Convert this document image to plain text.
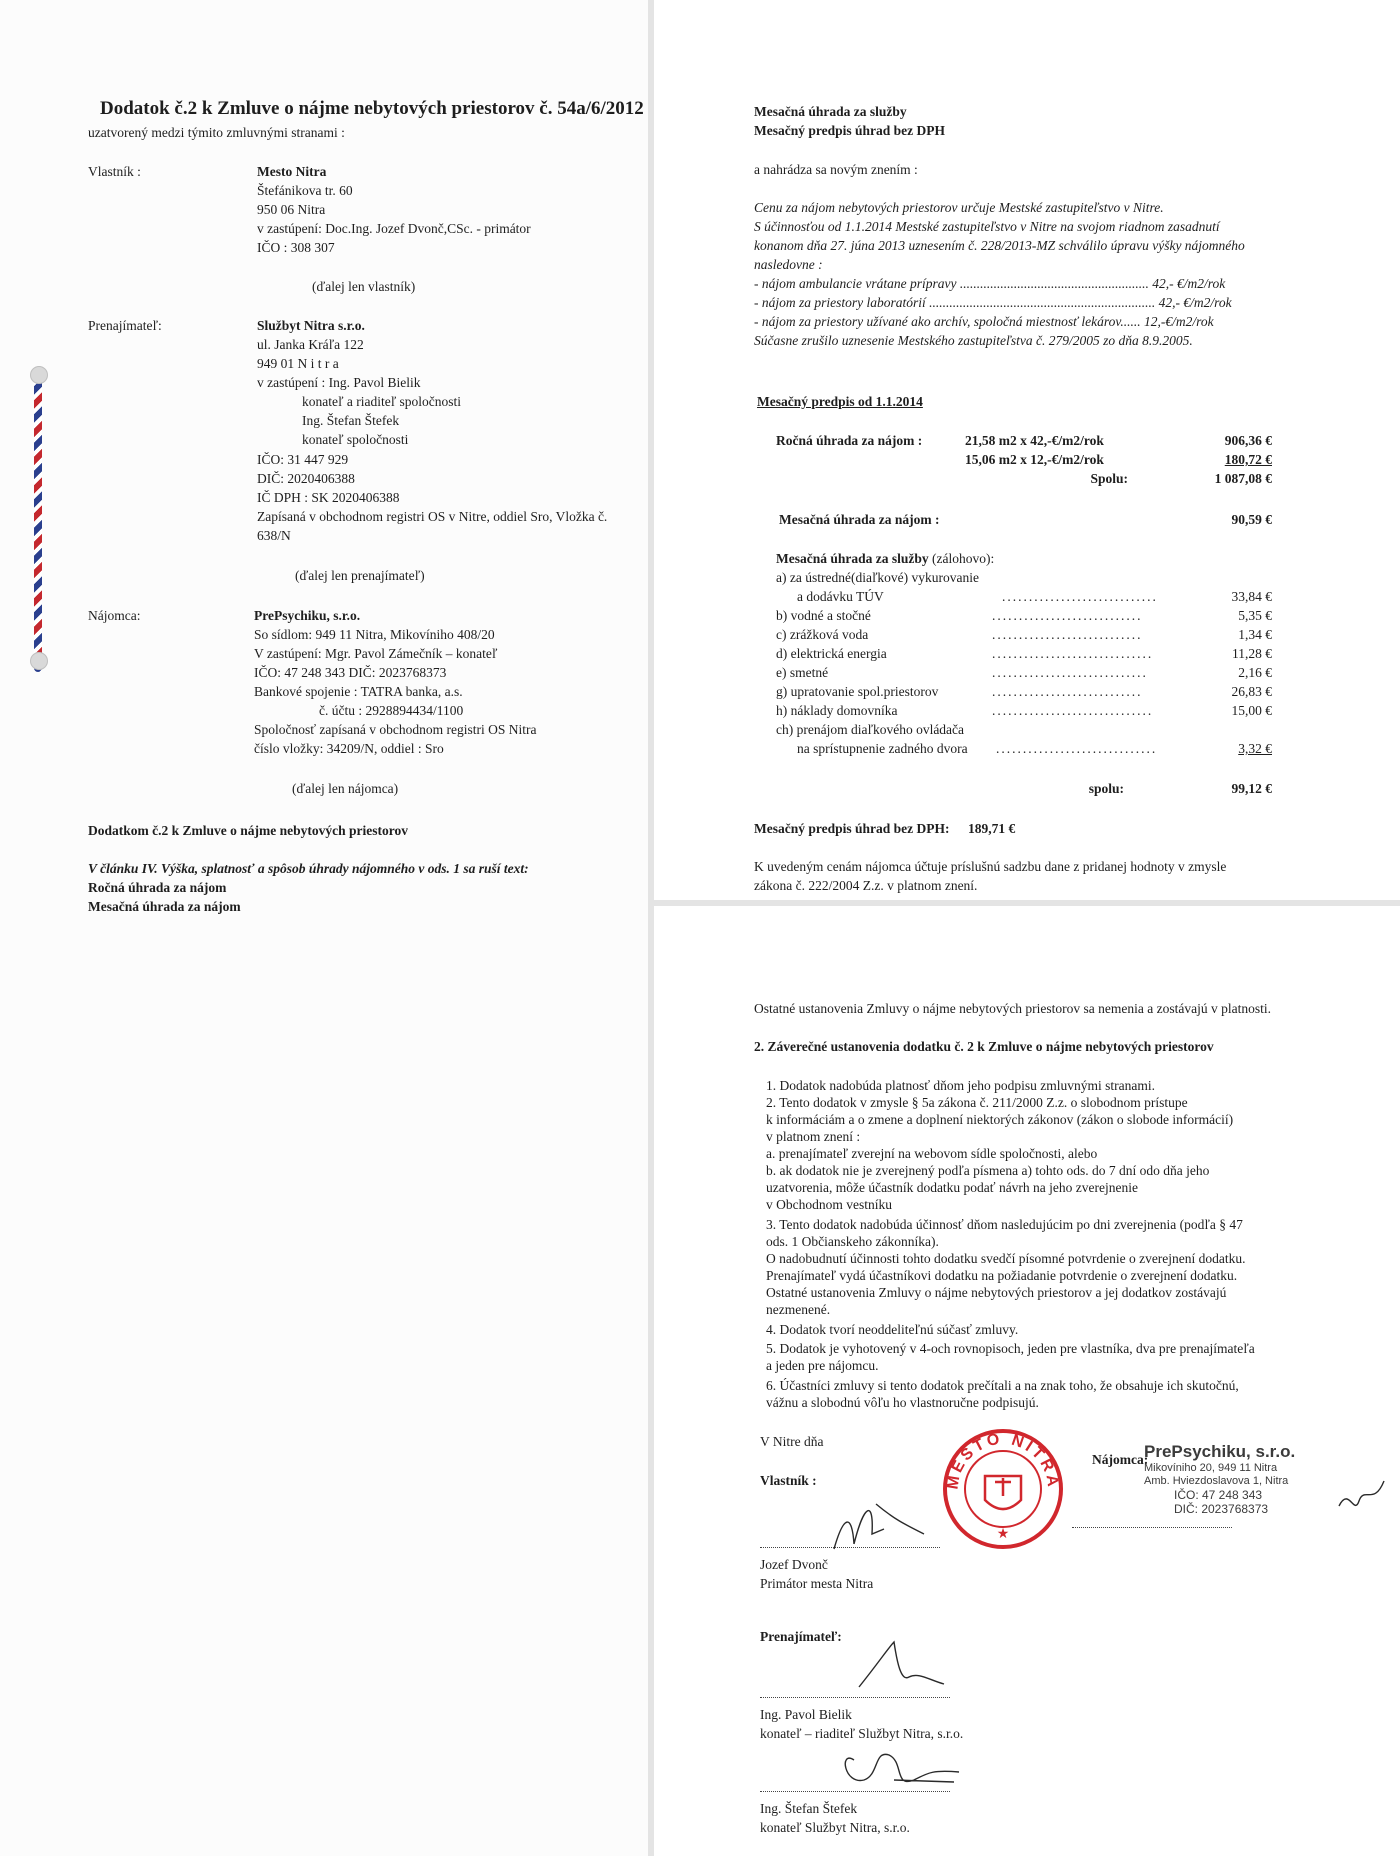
Dodatok č.2 k Zmluve o nájme nebytových priestorov č. 54a/6/2012
uzatvorený medzi týmito zmluvnými stranami :
Vlastník :	Mesto Nitra
Štefánikova tr. 60
950 06 Nitra
v zastúpení: Doc.Ing. Jozef Dvonč,CSc. - primátor
IČO : 308 307
(ďalej len vlastník)
Prenajímateľ:	Službyt Nitra s.r.o.
ul. Janka Kráľa 122
949 01 N i t r a
v zastúpení : Ing. Pavol Bielik
konateľ a riaditeľ spoločnosti
Ing. Štefan Štefek
konateľ spoločnosti
IČO: 31 447 929
DIČ: 2020406388
IČ DPH : SK 2020406388
Zapísaná v obchodnom registri OS v Nitre, oddiel Sro, Vložka č.
638/N
(ďalej len prenajímateľ)
Nájomca:	PrePsychiku, s.r.o.
So sídlom: 949 11 Nitra, Mikovíniho 408/20
V zastúpení: Mgr. Pavol Zámečník – konateľ
IČO: 47 248 343 DIČ: 2023768373
Bankové spojenie : TATRA banka, a.s.
č. účtu : 2928894434/1100
Spoločnosť zapísaná v obchodnom registri OS Nitra
číslo vložky: 34209/N, oddiel : Sro
(ďalej len nájomca)
Dodatkom č.2 k Zmluve o nájme nebytových priestorov
V článku IV. Výška, splatnosť a spôsob úhrady nájomného v ods. 1 sa ruší text:
Ročná úhrada za nájom
Mesačná úhrada za nájom
Mesačná úhrada za služby
Mesačný predpis úhrad bez DPH
a nahrádza sa novým znením :
Cenu za nájom nebytových priestorov určuje Mestské zastupiteľstvo v Nitre.
S účinnosťou od 1.1.2014 Mestské zastupiteľstvo v Nitre na svojom riadnom zasadnutí
konanom dňa 27. júna 2013 uznesením č. 228/2013-MZ schválilo úpravu výšky nájomného
nasledovne :
- nájom ambulancie vrátane prípravy ........................................................ 42,- €/m2/rok
- nájom za priestory laboratórií ................................................................... 42,- €/m2/rok
- nájom za priestory užívané ako archív, spoločná miestnosť lekárov...... 12,-€/m2/rok
Súčasne zrušilo uznesenie Mestského zastupiteľstva č. 279/2005 zo dňa 8.9.2005.
Mesačný predpis od 1.1.2014
Ročná úhrada za nájom :	21,58 m2 x 42,-€/m2/rok	906,36 €
15,06 m2 x 12,-€/m2/rok	180,72 €
Spolu:	1 087,08 €
Mesačná úhrada za nájom :	90,59 €
Mesačná úhrada za služby (zálohovo):
a) za ústredné(diaľkové) vykurovanie
a dodávku TÚV	.............................	33,84 €
b) vodné a stočné	............................	5,35 €
c) zrážková voda	............................	1,34 €
d) elektrická energia	..............................	11,28 €
e) smetné	.............................	2,16 €
g) upratovanie spol.priestorov	............................	26,83 €
h) náklady domovníka	..............................	15,00 €
ch) prenájom diaľkového ovládača
na sprístupnenie zadného dvora ..............................	3,32 €
spolu:	99,12 €
Mesačný predpis úhrad bez DPH: 189,71 €
K uvedeným cenám nájomca účtuje príslušnú sadzbu dane z pridanej hodnoty v zmysle
zákona č. 222/2004 Z.z. v platnom znení.
Ostatné ustanovenia Zmluvy o nájme nebytových priestorov sa nemenia a zostávajú v platnosti.
2. Záverečné ustanovenia dodatku č. 2 k Zmluve o nájme nebytových priestorov
1. Dodatok nadobúda platnosť dňom jeho podpisu zmluvnými stranami.
2. Tento dodatok v zmysle § 5a zákona č. 211/2000 Z.z. o slobodnom prístupe
k informáciám a o zmene a doplnení niektorých zákonov (zákon o slobode informácií)
v platnom znení :
a. prenajímateľ zverejní na webovom sídle spoločnosti, alebo
b. ak dodatok nie je zverejnený podľa písmena a) tohto ods. do 7 dní odo dňa jeho
uzatvorenia, môže účastník dodatku podať návrh na jeho zverejnenie
v Obchodnom vestníku
3. Tento dodatok nadobúda účinnosť dňom nasledujúcim po dni zverejnenia (podľa § 47
ods. 1 Občianskeho zákonníka).
O nadobudnutí účinnosti tohto dodatku svedčí písomné potvrdenie o zverejnení dodatku.
Prenajímateľ vydá účastníkovi dodatku na požiadanie potvrdenie o zverejnení dodatku.
Ostatné ustanovenia Zmluvy o nájme nebytových priestorov a jej dodatkov zostávajú
nezmenené.
4. Dodatok tvorí neoddeliteľnú súčasť zmluvy.
5. Dodatok je vyhotovený v 4-och rovnopisoch, jeden pre vlastníka, dva pre prenajímateľa
a jeden pre nájomcu.
6. Účastníci zmluvy si tento dodatok prečítali a na znak toho, že obsahuje ich skutočnú,
vážnu a slobodnú vôľu ho vlastnoručne podpisujú.
V Nitre dňa
Vlastník :
Jozef Dvonč
Primátor mesta Nitra
MESTO NITRA
★
Nájomca:
PrePsychiku, s.r.o.
Mikovíniho 20, 949 11 Nitra
Amb. Hviezdoslavova 1, Nitra
IČO: 47 248 343
DIČ: 2023768373
Prenajímateľ:
Ing. Pavol Bielik
konateľ – riaditeľ Službyt Nitra, s.r.o.
Ing. Štefan Štefek
konateľ Službyt Nitra, s.r.o.
